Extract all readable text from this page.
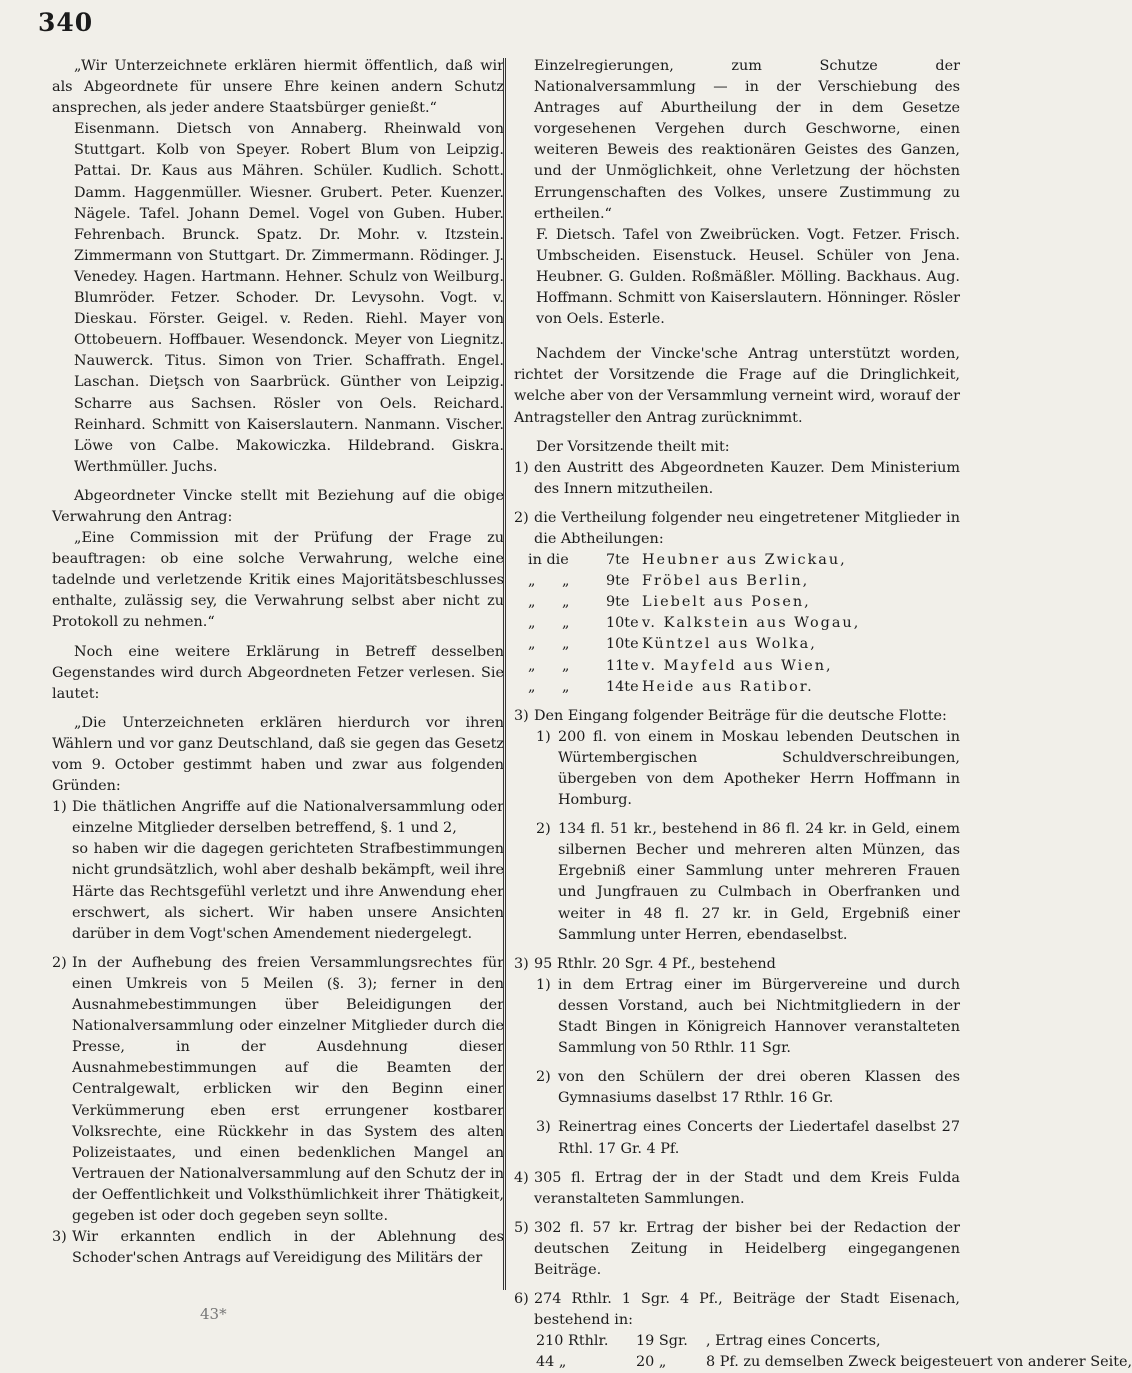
340

„Wir Unterzeichnete erklären hiermit öffentlich, daß wir als Abgeordnete für unsere Ehre keinen andern Schutz ansprechen, als jeder andere Staatsbürger genießt.“

Eisenmann. Dietsch von Annaberg. Rheinwald von Stuttgart. Kolb von Speyer. Robert Blum von Leipzig. Pattai. Dr. Kaus aus Mähren. Schüler. Kudlich. Schott. Damm. Haggenmüller. Wiesner. Grubert. Peter. Kuenzer. Nägele. Tafel. Johann Demel. Vogel von Guben. Huber. Fehrenbach. Brunck. Spatz. Dr. Mohr. v. Itzstein. Zimmermann von Stuttgart. Dr. Zimmermann. Rödinger. J. Venedey. Hagen. Hartmann. Hehner. Schulz von Weilburg. Blumröder. Fetzer. Schoder. Dr. Levysohn. Vogt. v. Dieskau. Förster. Geigel. v. Reden. Riehl. Mayer von Ottobeuern. Hoffbauer. Wesendonck. Meyer von Liegnitz. Nauwerck. Titus. Simon von Trier. Schaffrath. Engel. Laschan. Dieţsch von Saarbrück. Günther von Leipzig. Scharre aus Sachsen. Rösler von Oels. Reichard. Reinhard. Schmitt von Kaiserslautern. Nanmann. Vischer. Löwe von Calbe. Makowiczka. Hildebrand. Giskra. Werthmüller. Juchs.

Abgeordneter Vincke stellt mit Beziehung auf die obige Verwahrung den Antrag:

„Eine Commission mit der Prüfung der Frage zu beauftragen: ob eine solche Verwahrung, welche eine tadelnde und verletzende Kritik eines Majoritätsbeschlusses enthalte, zulässig sey, die Verwahrung selbst aber nicht zu Protokoll zu nehmen.“

Noch eine weitere Erklärung in Betreff desselben Gegenstandes wird durch Abgeordneten Fetzer verlesen. Sie lautet:

„Die Unterzeichneten erklären hierdurch vor ihren Wählern und vor ganz Deutschland, daß sie gegen das Gesetz vom 9. October gestimmt haben und zwar aus folgenden Gründen:

1) Die thätlichen Angriffe auf die Nationalversammlung oder einzelne Mitglieder derselben betreffend, §. 1 und 2,

so haben wir die dagegen gerichteten Strafbestimmungen nicht grundsätzlich, wohl aber deshalb bekämpft, weil ihre Härte das Rechtsgefühl verletzt und ihre Anwendung eher erschwert, als sichert. Wir haben unsere Ansichten darüber in dem Vogt'schen Amendement niedergelegt.

2) In der Aufhebung des freien Versammlungsrechtes für einen Umkreis von 5 Meilen (§. 3); ferner in den Ausnahmebestimmungen über Beleidigungen der Nationalversammlung oder einzelner Mitglieder durch die Presse, in der Ausdehnung dieser Ausnahmebestimmungen auf die Beamten der Centralgewalt, erblicken wir den Beginn einer Verkümmerung eben erst errungener kostbarer Volksrechte, eine Rückkehr in das System des alten Polizeistaates, und einen bedenklichen Mangel an Vertrauen der Nationalversammlung auf den Schutz der in der Oeffentlichkeit und Volksthümlichkeit ihrer Thätigkeit, gegeben ist oder doch gegeben seyn sollte.
3) Wir erkannten endlich in der Ablehnung des Schoder'schen Antrags auf Vereidigung des Militärs der

Einzelregierungen, zum Schutze der Nationalversammlung — in der Verschiebung des Antrages auf Aburtheilung der in dem Gesetze vorgesehenen Vergehen durch Geschworne, einen weiteren Beweis des reaktionären Geistes des Ganzen, und der Unmöglichkeit, ohne Verletzung der höchsten Errungenschaften des Volkes, unsere Zustimmung zu ertheilen.“

F. Dietsch. Tafel von Zweibrücken. Vogt. Fetzer. Frisch. Umbscheiden. Eisenstuck. Heusel. Schüler von Jena. Heubner. G. Gulden. Roßmäßler. Mölling. Backhaus. Aug. Hoffmann. Schmitt von Kaiserslautern. Hönninger. Rösler von Oels. Esterle.

Nachdem der Vincke'sche Antrag unterstützt worden, richtet der Vorsitzende die Frage auf die Dringlichkeit, welche aber von der Versammlung verneint wird, worauf der Antragsteller den Antrag zurücknimmt.

Der Vorsitzende theilt mit:

1) den Austritt des Abgeordneten Kauzer. Dem Ministerium des Innern mitzutheilen.
2) die Vertheilung folgender neu eingetretener Mitglieder in die Abtheilungen:
in die	7te Heubner aus Zwickau,
„	„	9te Fröbel aus Berlin,
„	„	9te Liebelt aus Posen,
„	„	10te v. Kalkstein aus Wogau,
„	„	10te Küntzel aus Wolka,
„	„	11te v. Mayfeld aus Wien,
„	„	14te Heide aus Ratibor.
3) Den Eingang folgender Beiträge für die deutsche Flotte:
1) 200 fl. von einem in Moskau lebenden Deutschen in Würtembergischen Schuldverschreibungen, übergeben von dem Apotheker Herrn Hoffmann in Homburg.
2) 134 fl. 51 kr., bestehend in 86 fl. 24 kr. in Geld, einem silbernen Becher und mehreren alten Münzen, das Ergebniß einer Sammlung unter mehreren Frauen und Jungfrauen zu Culmbach in Oberfranken und weiter in 48 fl. 27 kr. in Geld, Ergebniß einer Sammlung unter Herren, ebendaselbst.
3) 95 Rthlr. 20 Sgr. 4 Pf., bestehend
1) in dem Ertrag einer im Bürgervereine und durch dessen Vorstand, auch bei Nichtmitgliedern in der Stadt Bingen in Königreich Hannover veranstalteten Sammlung von 50 Rthlr. 11 Sgr.
2) von den Schülern der drei oberen Klassen des Gymnasiums daselbst 17 Rthlr. 16 Gr.
3) Reinertrag eines Concerts der Liedertafel daselbst 27 Rthl. 17 Gr. 4 Pf.
4) 305 fl. Ertrag der in der Stadt und dem Kreis Fulda veranstalteten Sammlungen.
5) 302 fl. 57 kr. Ertrag der bisher bei der Redaction der deutschen Zeitung in Heidelberg eingegangenen Beiträge.
6) 274 Rthlr. 1 Sgr. 4 Pf., Beiträge der Stadt Eisenach, bestehend in:
210 Rthlr.	19 Sgr.	, Ertrag eines Concerts,
44 „	20 „	8 Pf. zu demselben Zweck beigesteuert von anderer Seite,
43*
